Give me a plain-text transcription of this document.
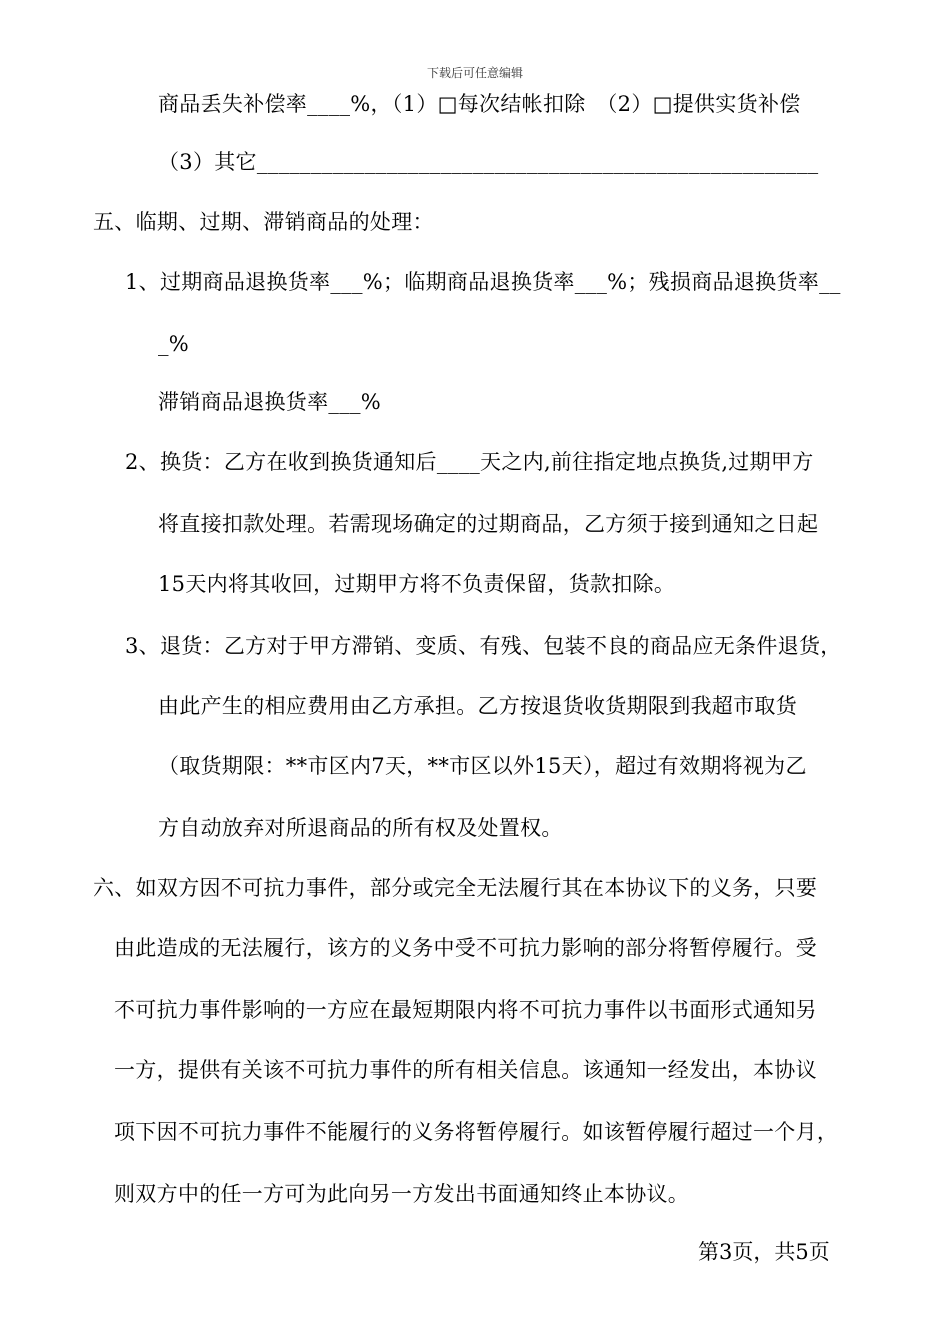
下载后可任意编辑
商品丢失补偿率____%，（1）□每次结帐扣除　（2）□提供实货补偿
（3）其它____________________________________________________
五、临期、过期、滞销商品的处理：
1、过期商品退换货率___%；临期商品退换货率___%；残损商品退换货率__
_%
滞销商品退换货率___%
2、换货：乙方在收到换货通知后____天之内,前往指定地点换货,过期甲方
将直接扣款处理。若需现场确定的过期商品，乙方须于接到通知之日起
15天内将其收回，过期甲方将不负责保留，货款扣除。
3、退货：乙方对于甲方滞销、变质、有残、包装不良的商品应无条件退货，
由此产生的相应费用由乙方承担。乙方按退货收货期限到我超市取货
（取货期限：**市区内7天，**市区以外15天），超过有效期将视为乙
方自动放弃对所退商品的所有权及处置权。
六、如双方因不可抗力事件，部分或完全无法履行其在本协议下的义务，只要
由此造成的无法履行，该方的义务中受不可抗力影响的部分将暂停履行。受
不可抗力事件影响的一方应在最短期限内将不可抗力事件以书面形式通知另
一方，提供有关该不可抗力事件的所有相关信息。该通知一经发出，本协议
项下因不可抗力事件不能履行的义务将暂停履行。如该暂停履行超过一个月，
则双方中的任一方可为此向另一方发出书面通知终止本协议。
第3页，共5页
